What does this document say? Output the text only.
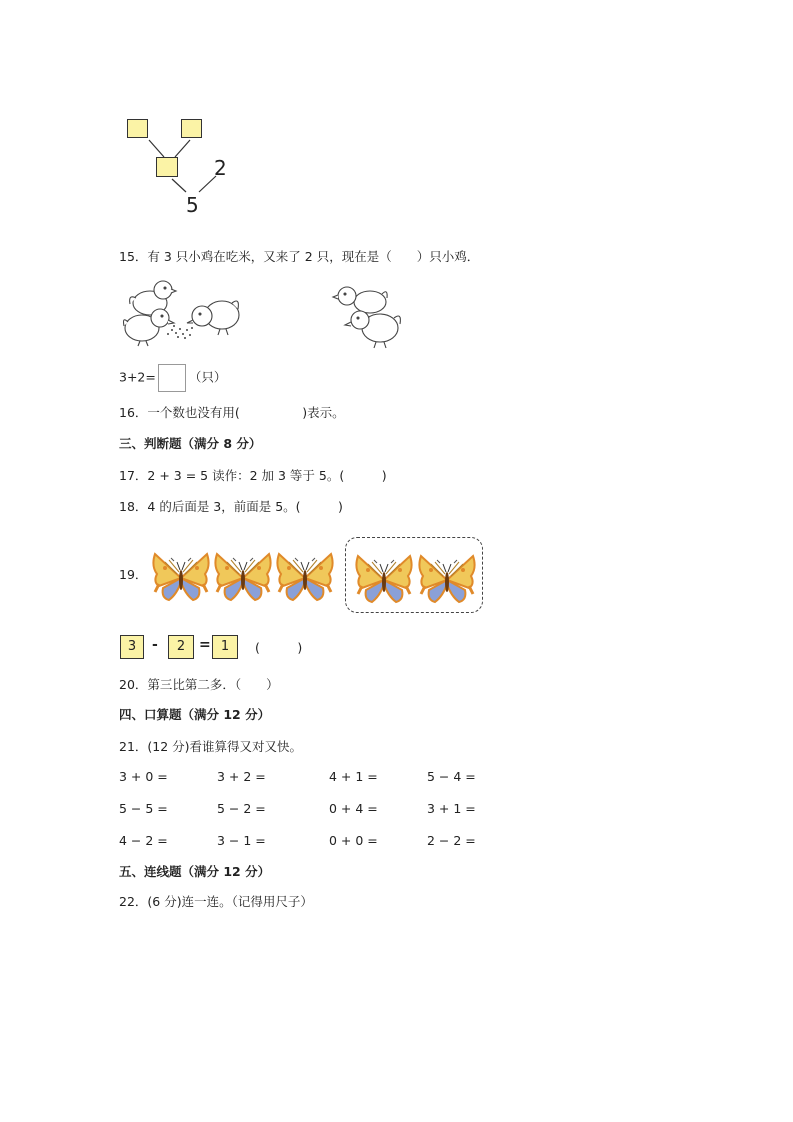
2
5
15．有 3 只小鸡在吃米，又来了 2 只，现在是（　　）只小鸡．
3+2=	（只）
16．一个数也没有用(　　　　　)表示。
三、判断题（满分 8 分）
17．2 + 3 = 5 读作：2 加 3 等于 5。(　　　)
18．4 的后面是 3，前面是 5。(　　　)
19．
3	-	2 = 1	(　　　)
20．第三比第二多．（　　）
四、口算题（满分 12 分）
21．(12 分)看谁算得又对又快。
3 + 0 =	3 + 2 =	4 + 1 =	5 − 4 =
5 − 5 =	5 − 2 =	0 + 4 =	3 + 1 =
4 − 2 =	3 − 1 =	0 + 0 =	2 − 2 =
五、连线题（满分 12 分）
22．(6 分)连一连。（记得用尺子）
